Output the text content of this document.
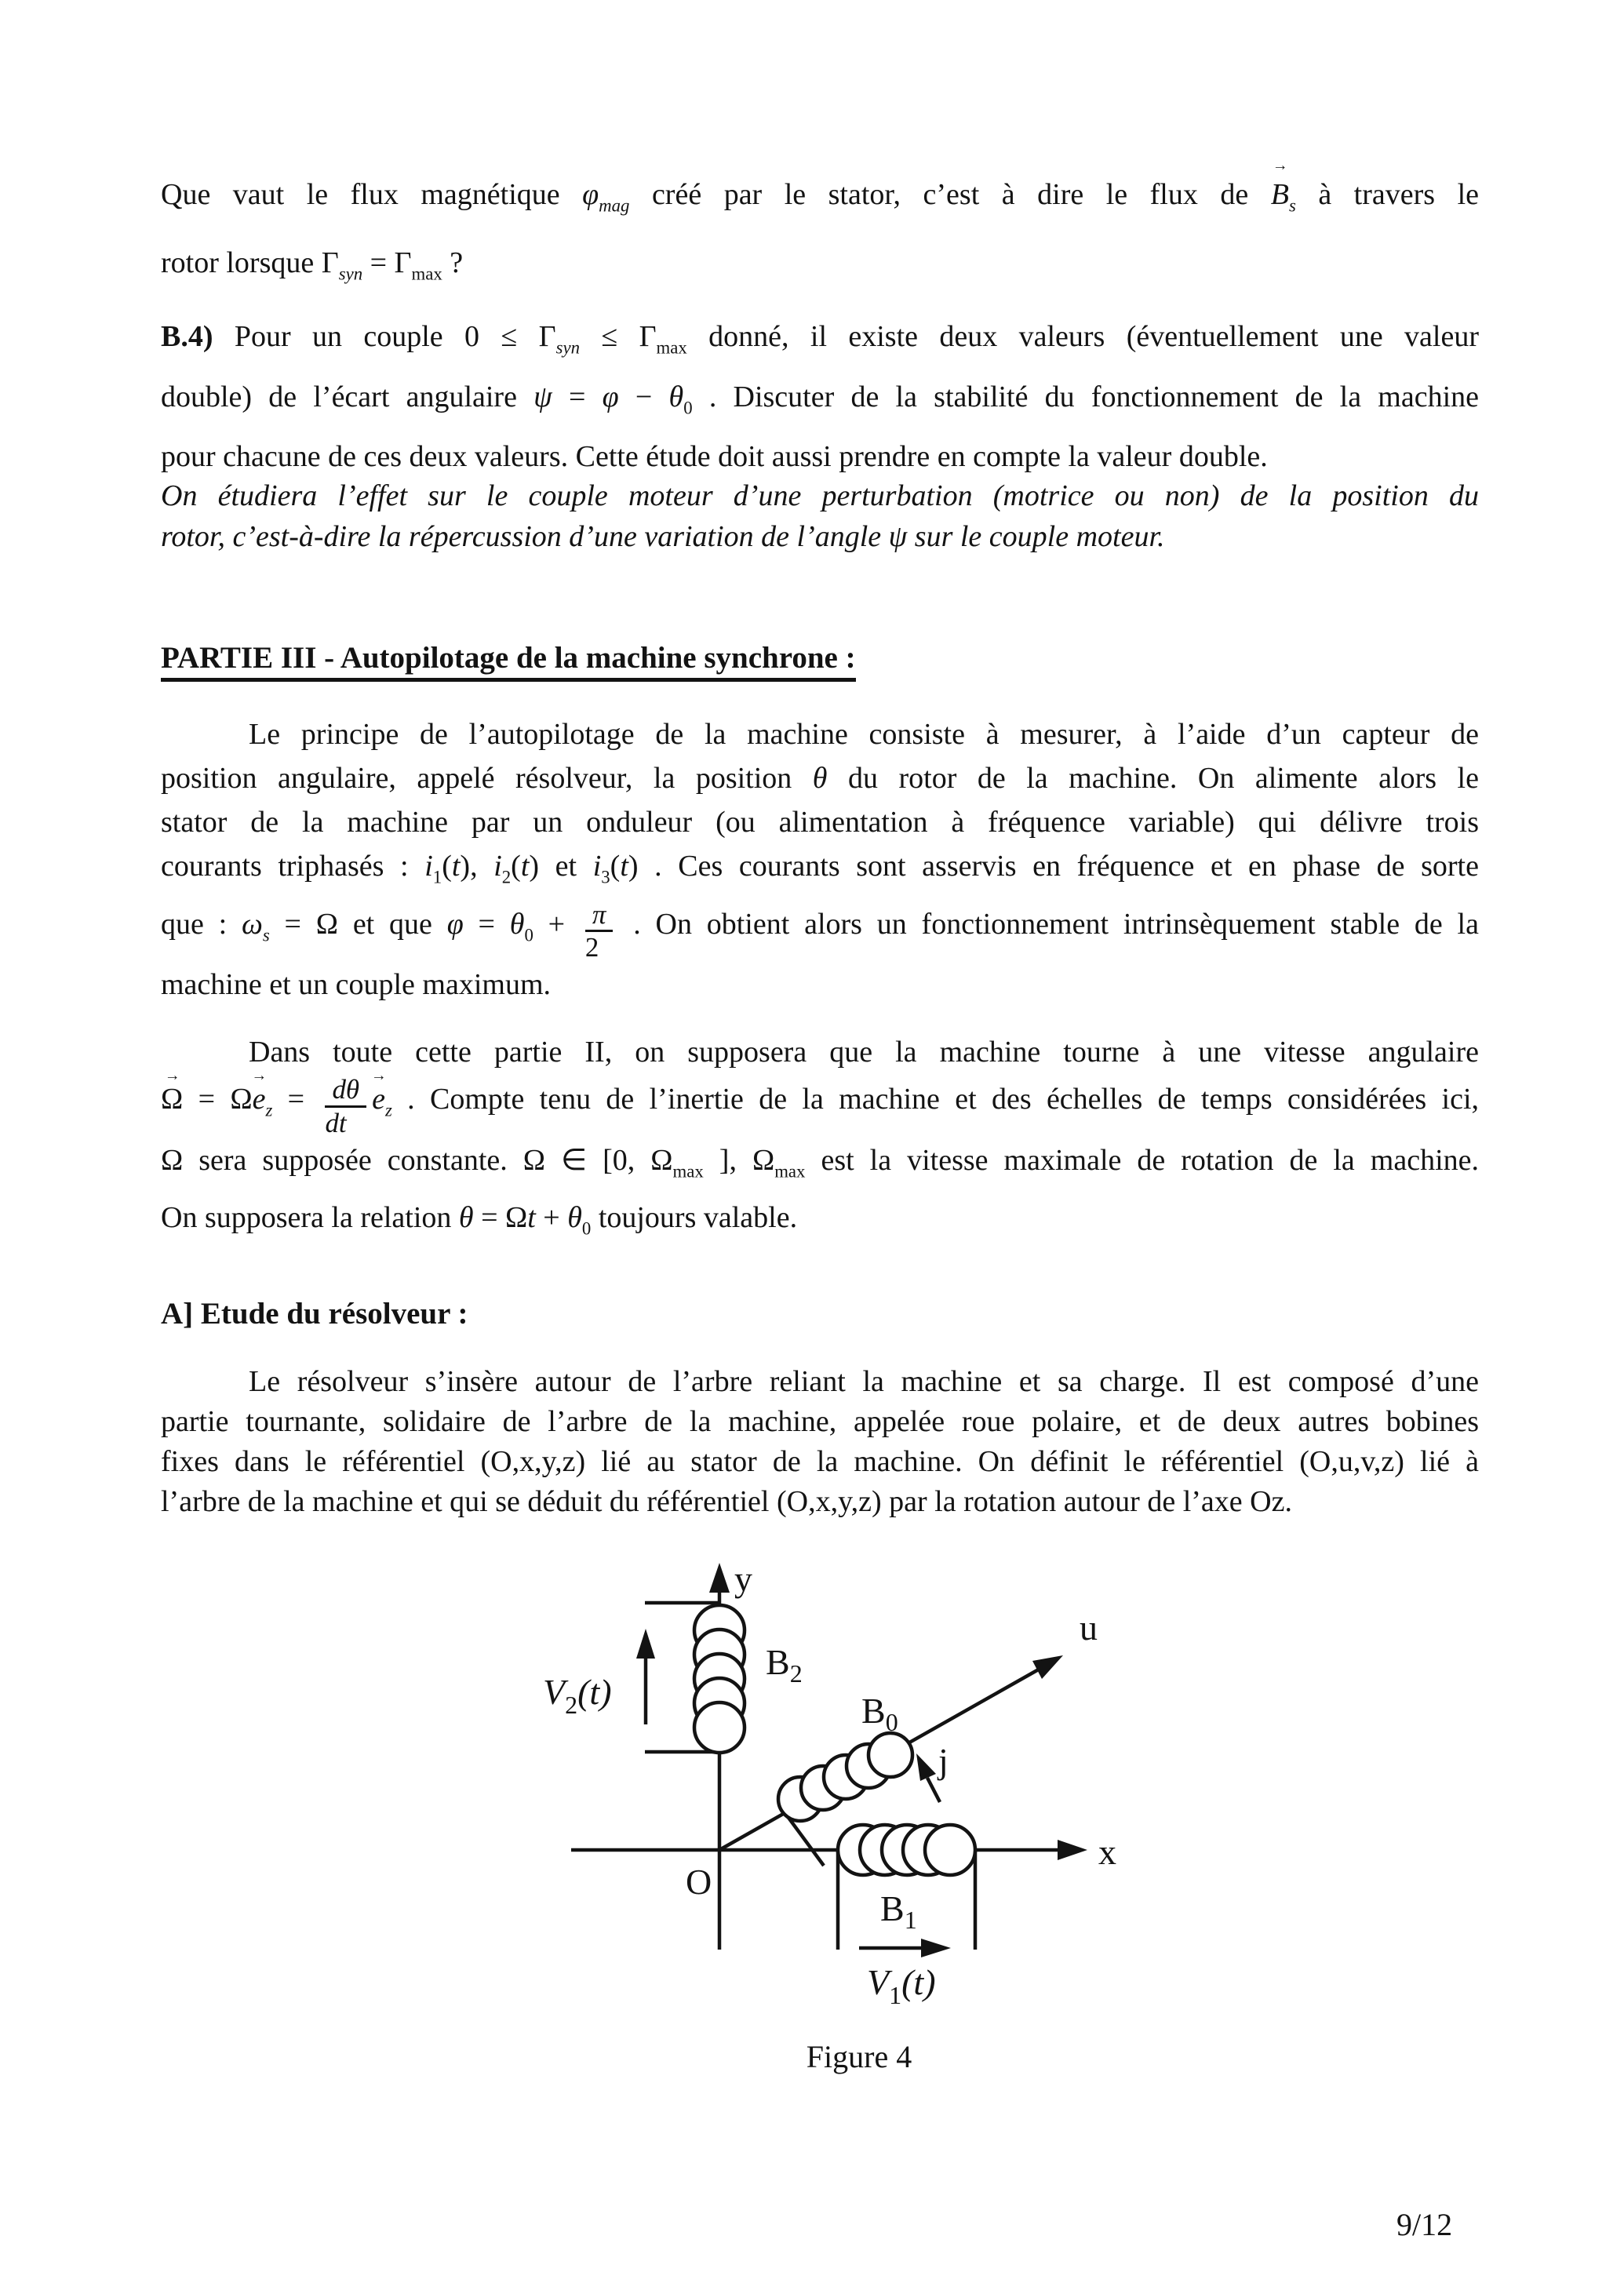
Que vaut le flux magnétique $\varphi_{mag}$ créé par le stator, c’est à dire le flux de
→
$B_s$ à travers le
rotor lorsque $\Gamma_{syn} = \Gamma_{max}$ ?
B.4) Pour un couple $0 \le \Gamma_{syn} \le \Gamma_{max}$ donné, il existe deux valeurs (éventuellement une valeur
double) de l’écart angulaire $\psi = \varphi - \theta_0$ . Discuter de la stabilité du fonctionnement de la machine
pour chacune de ces deux valeurs. Cette étude doit aussi prendre en compte la valeur double.
On étudiera l’effet sur le couple moteur d’une perturbation (motrice ou non) de la position du
rotor, c’est-à-dire la répercussion d’une variation de l’angle ψ sur le couple moteur.
PARTIE III - Autopilotage de la machine synchrone :
Le principe de l’autopilotage de la machine consiste à mesurer, à l’aide d’un capteur de
position angulaire, appelé résolveur, la position θ du rotor de la machine. On alimente alors le
stator de la machine par un onduleur (ou alimentation à fréquence variable) qui délivre trois
courants triphasés : $i_1(t)$, $i_2(t)$ et $i_3(t)$ . Ces courants sont asservis en fréquence et en phase de sorte
que : $\omega_s = \Omega$ et que $\varphi = \theta_0 + \frac{\pi}{2}$ . On obtient alors un fonctionnement intrinsèquement stable de la
machine et un couple maximum.
Dans toute cette partie II, on supposera que la machine tourne à une vitesse angulaire
→
Ω = Ω
→
$e_z = \frac{d\theta}{dt}$ →
$e_z$ . Compte tenu de l’inertie de la machine et des échelles de temps considérées ici,
Ω sera supposée constante. Ω ∈ [0, $\Omega_{max}$ ], $\Omega_{max}$ est la vitesse maximale de rotation de la machine.
On supposera la relation $\theta = \Omega t + \theta_0$ toujours valable.
A] Etude du résolveur :
Le résolveur s’insère autour de l’arbre reliant la machine et sa charge. Il est composé d’une
partie tournante, solidaire de l’arbre de la machine, appelée roue polaire, et de deux autres bobines
fixes dans le référentiel (O,x,y,z) lié au stator de la machine. On définit le référentiel (O,u,v,z) lié à
l’arbre de la machine et qui se déduit du référentiel (O,x,y,z) par la rotation autour de l’axe Oz.
y
x
u
O
j
$B_2$
$B_0$
$B_1$
$V_2(t)$
$V_1(t)$
Figure 4
9/12
